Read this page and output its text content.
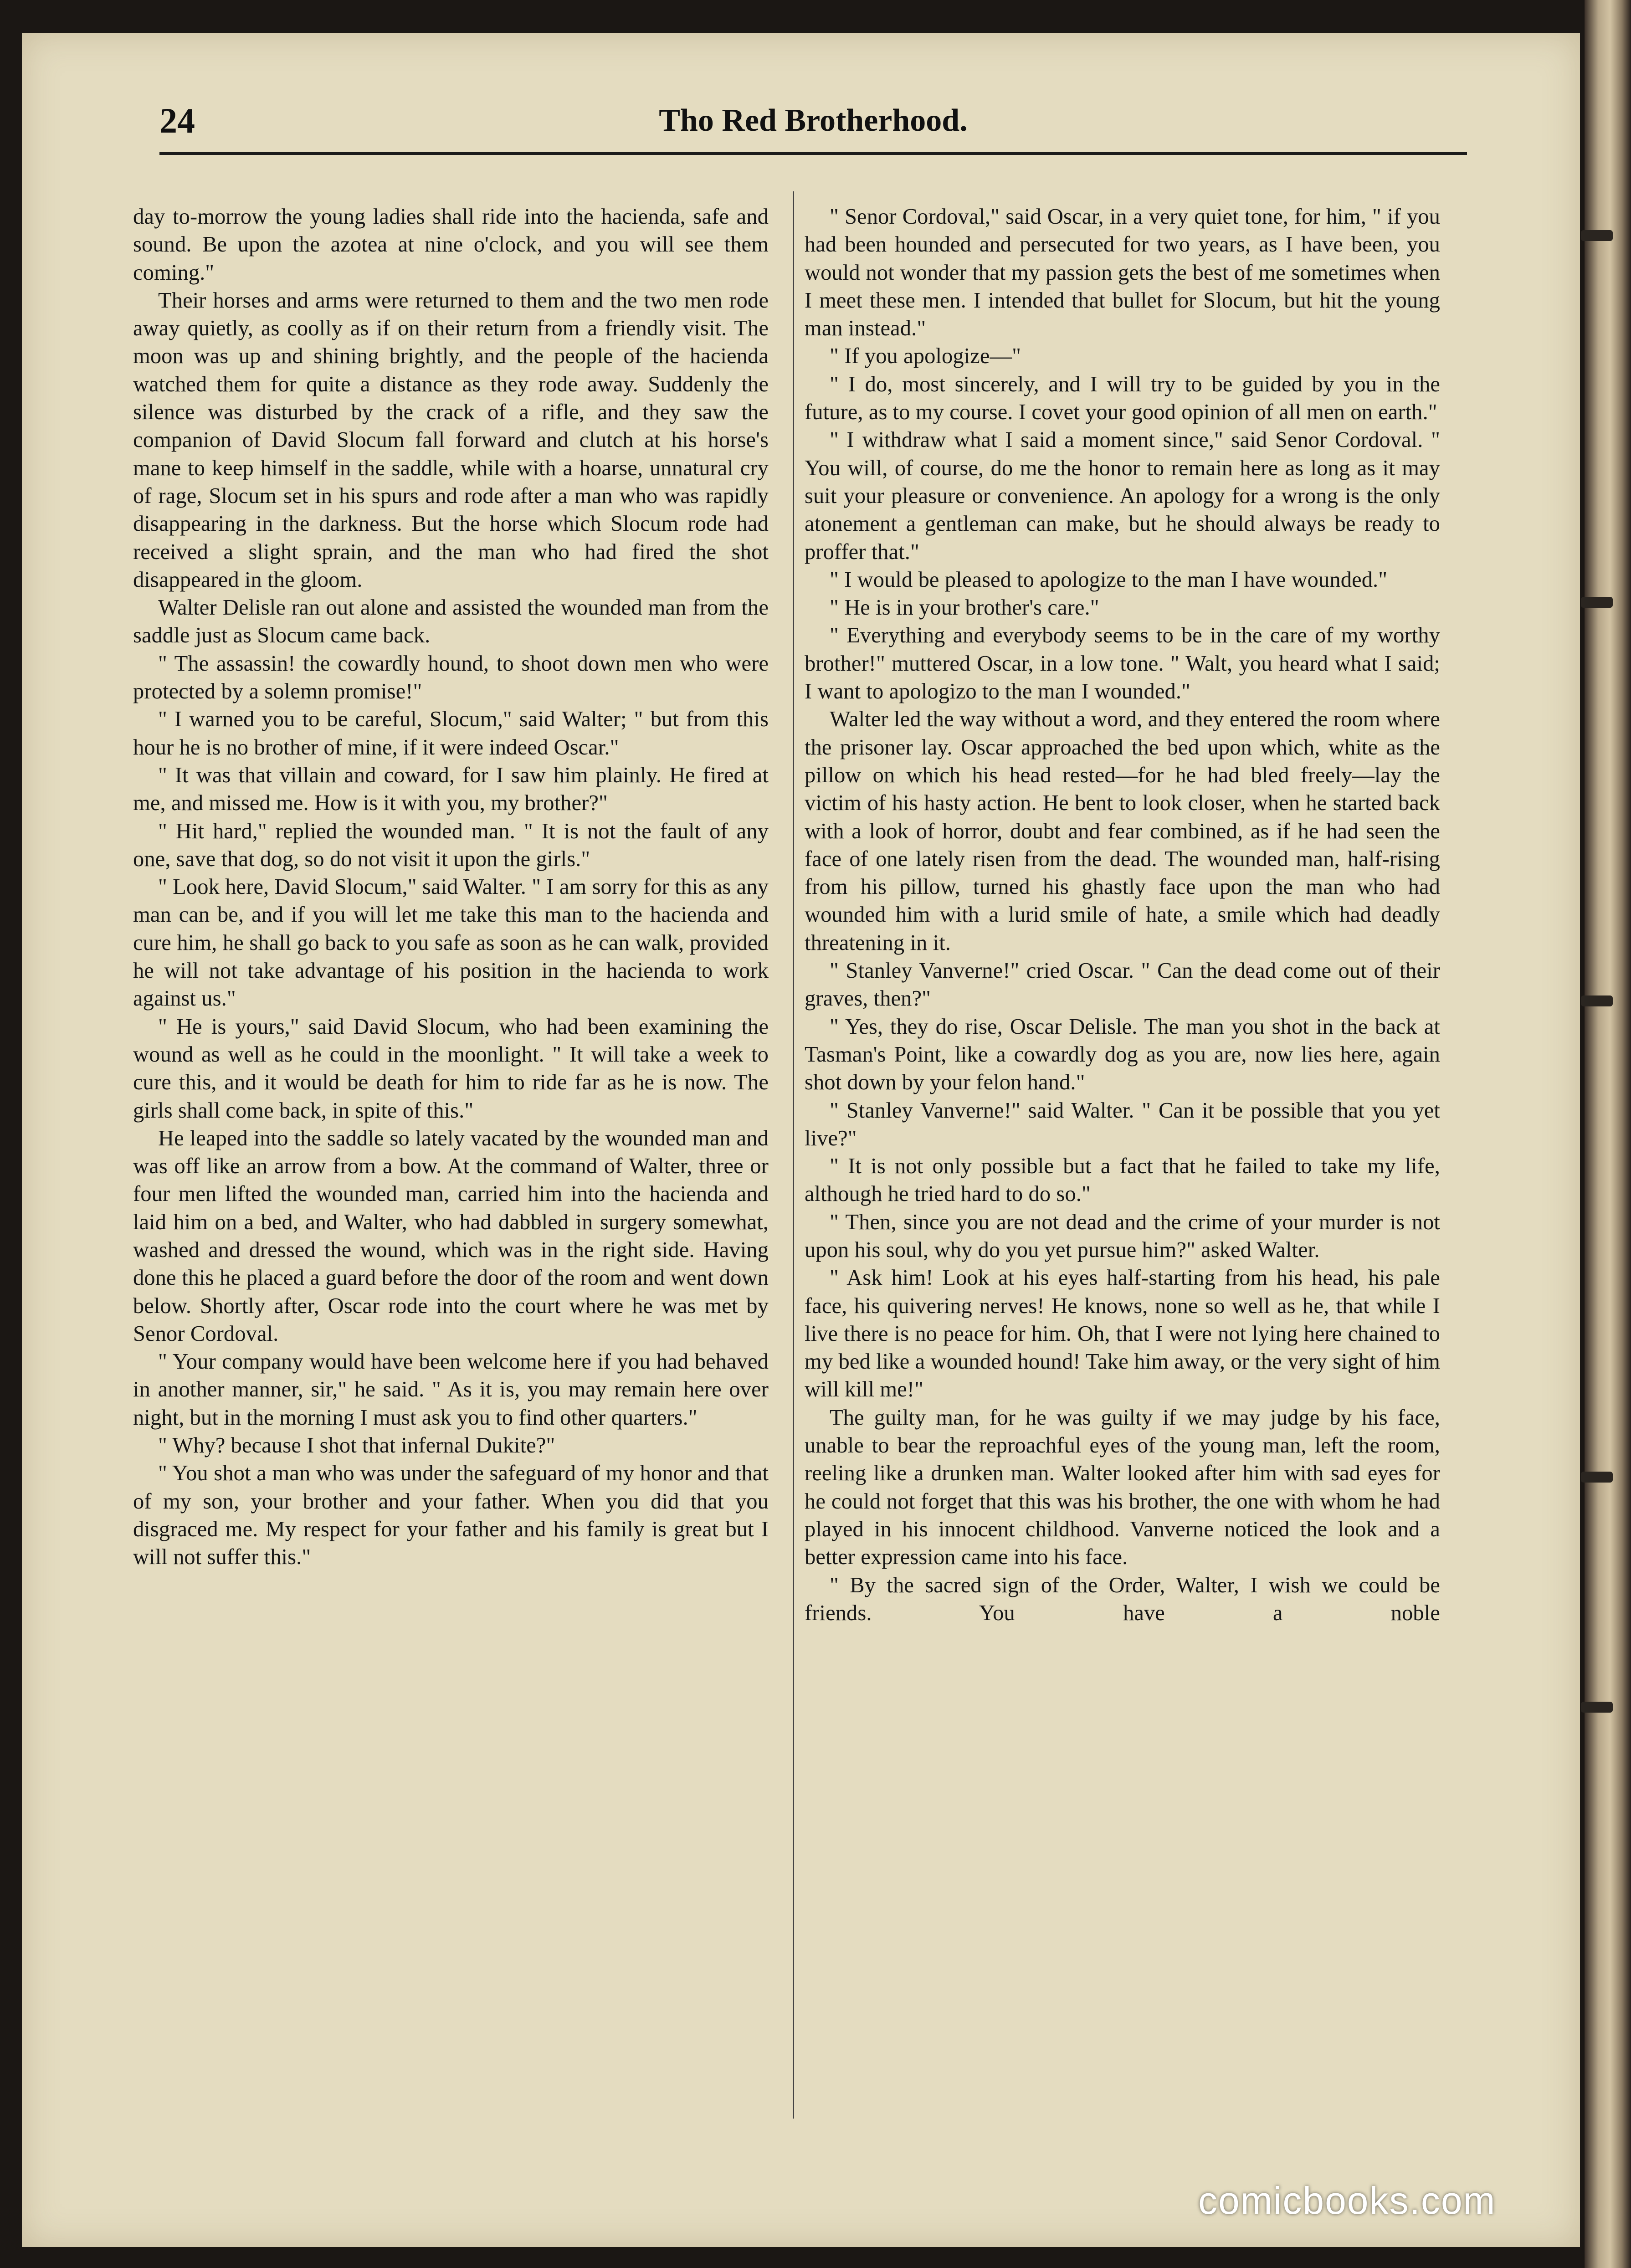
24	Tho Red Brotherhood.

day to-morrow the young ladies shall ride into the hacienda, safe and sound. Be upon the azotea at nine o'clock, and you will see them coming."

Their horses and arms were returned to them and the two men rode away quietly, as coolly as if on their return from a friendly visit. The moon was up and shining brightly, and the people of the hacienda watched them for quite a distance as they rode away. Suddenly the silence was disturbed by the crack of a rifle, and they saw the companion of David Slocum fall forward and clutch at his horse's mane to keep himself in the saddle, while with a hoarse, unnatural cry of rage, Slocum set in his spurs and rode after a man who was rapidly disappearing in the darkness. But the horse which Slocum rode had received a slight sprain, and the man who had fired the shot disappeared in the gloom.

Walter Delisle ran out alone and assisted the wounded man from the saddle just as Slocum came back.

" The assassin! the cowardly hound, to shoot down men who were protected by a solemn promise!"

" I warned you to be careful, Slocum," said Walter; " but from this hour he is no brother of mine, if it were indeed Oscar."

" It was that villain and coward, for I saw him plainly. He fired at me, and missed me. How is it with you, my brother?"

" Hit hard," replied the wounded man. " It is not the fault of any one, save that dog, so do not visit it upon the girls."

" Look here, David Slocum," said Walter. " I am sorry for this as any man can be, and if you will let me take this man to the hacienda and cure him, he shall go back to you safe as soon as he can walk, provided he will not take advantage of his position in the hacienda to work against us."

" He is yours," said David Slocum, who had been examining the wound as well as he could in the moonlight. " It will take a week to cure this, and it would be death for him to ride far as he is now. The girls shall come back, in spite of this."

He leaped into the saddle so lately vacated by the wounded man and was off like an arrow from a bow. At the command of Walter, three or four men lifted the wounded man, carried him into the hacienda and laid him on a bed, and Walter, who had dabbled in surgery somewhat, washed and dressed the wound, which was in the right side. Having done this he placed a guard before the door of the room and went down below. Shortly after, Oscar rode into the court where he was met by Senor Cordoval.

" Your company would have been welcome here if you had behaved in another manner, sir," he said. " As it is, you may remain here over night, but in the morning I must ask you to find other quarters."

" Why? because I shot that infernal Dukite?"

" You shot a man who was under the safeguard of my honor and that of my son, your brother and your father. When you did that you disgraced me. My respect for your father and his family is great but I will not suffer this."

" Senor Cordoval," said Oscar, in a very quiet tone, for him, " if you had been hounded and persecuted for two years, as I have been, you would not wonder that my passion gets the best of me sometimes when I meet these men. I intended that bullet for Slocum, but hit the young man instead."

" If you apologize—"

" I do, most sincerely, and I will try to be guided by you in the future, as to my course. I covet your good opinion of all men on earth."

" I withdraw what I said a moment since," said Senor Cordoval. " You will, of course, do me the honor to remain here as long as it may suit your pleasure or convenience. An apology for a wrong is the only atonement a gentleman can make, but he should always be ready to proffer that."

" I would be pleased to apologize to the man I have wounded."

" He is in your brother's care."

" Everything and everybody seems to be in the care of my worthy brother!" muttered Oscar, in a low tone. " Walt, you heard what I said; I want to apologizo to the man I wounded."

Walter led the way without a word, and they entered the room where the prisoner lay. Oscar approached the bed upon which, white as the pillow on which his head rested—for he had bled freely—lay the victim of his hasty action. He bent to look closer, when he started back with a look of horror, doubt and fear combined, as if he had seen the face of one lately risen from the dead. The wounded man, half-rising from his pillow, turned his ghastly face upon the man who had wounded him with a lurid smile of hate, a smile which had deadly threatening in it.

" Stanley Vanverne!" cried Oscar. " Can the dead come out of their graves, then?"

" Yes, they do rise, Oscar Delisle. The man you shot in the back at Tasman's Point, like a cowardly dog as you are, now lies here, again shot down by your felon hand."

" Stanley Vanverne!" said Walter. " Can it be possible that you yet live?"

" It is not only possible but a fact that he failed to take my life, although he tried hard to do so."

" Then, since you are not dead and the crime of your murder is not upon his soul, why do you yet pursue him?" asked Walter.

" Ask him! Look at his eyes half-starting from his head, his pale face, his quivering nerves! He knows, none so well as he, that while I live there is no peace for him. Oh, that I were not lying here chained to my bed like a wounded hound! Take him away, or the very sight of him will kill me!"

The guilty man, for he was guilty if we may judge by his face, unable to bear the reproachful eyes of the young man, left the room, reeling like a drunken man. Walter looked after him with sad eyes for he could not forget that this was his brother, the one with whom he had played in his innocent childhood. Vanverne noticed the look and a better expression came into his face.

" By the sacred sign of the Order, Walter, I wish we could be friends. You have a noble

comicbooks.com
